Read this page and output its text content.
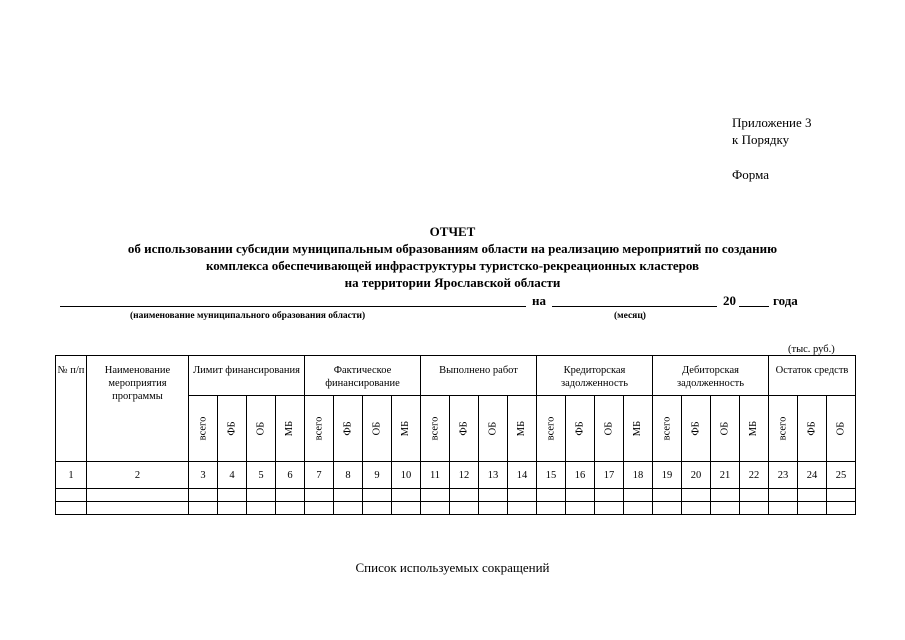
Приложение 3
к Порядку
Форма
ОТЧЕТ
об использовании субсидии муниципальным образованиям области на реализацию мероприятий по созданию
комплекса обеспечивающей инфраструктуры туристско-рекреационных кластеров
на территории Ярославской области
на	20	года
(наименование муниципального образования области)	(месяц)
(тыс. руб.)
№ п/п	Наименование мероприятия программы	Лимит финансирования				Фактическое финансирование				Выполнено работ				Кредиторская задолженность				Дебиторская задолженность				Остаток средств		
		всего	ФБ	ОБ	МБ	всего	ФБ	ОБ	МБ	всего	ФБ	ОБ	МБ	всего	ФБ	ОБ	МБ	всего	ФБ	ОБ	МБ	всего	ФБ	ОБ
1	2	3	4	5	6	7	8	9	10	11	12	13	14	15	16	17	18	19	20	21	22	23	24	25

Список используемых сокращений
